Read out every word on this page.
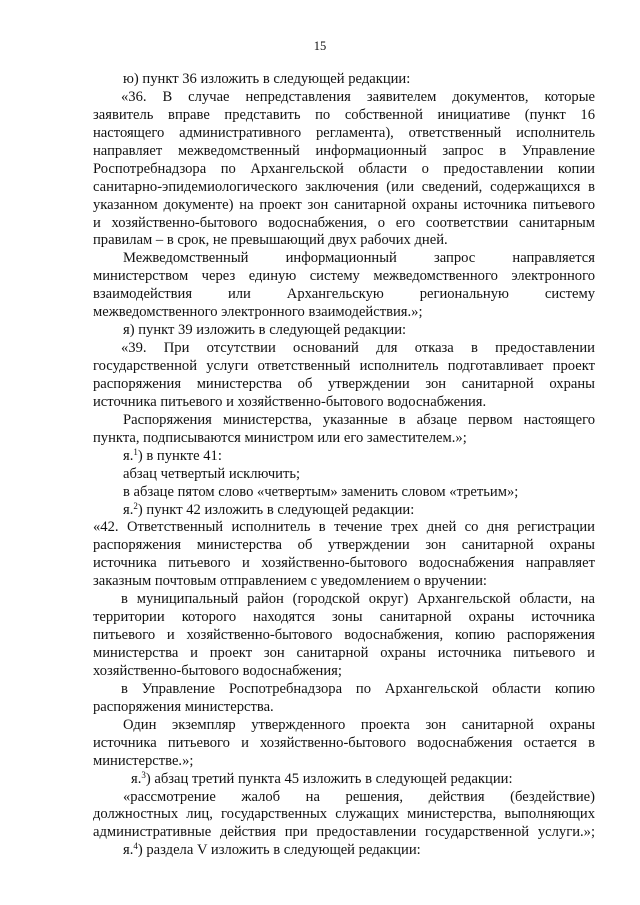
15
ю) пункт 36 изложить в следующей редакции:
«36. В случае непредставления заявителем документов, которые
заявитель вправе представить по собственной инициативе (пункт 16
настоящего административного регламента), ответственный исполнитель
направляет межведомственный информационный запрос в Управление
Роспотребнадзора по Архангельской области о предоставлении копии
санитарно-эпидемиологического заключения (или сведений, содержащихся в
указанном документе) на проект зон санитарной охраны источника питьевого
и хозяйственно-бытового водоснабжения, о его соответствии санитарным
правилам – в срок, не превышающий двух рабочих дней.
Межведомственный информационный запрос направляется
министерством через единую систему межведомственного электронного
взаимодействия или Архангельскую региональную систему
межведомственного электронного взаимодействия.»;
я) пункт 39 изложить в следующей редакции:
«39. При отсутствии оснований для отказа в предоставлении
государственной услуги ответственный исполнитель подготавливает проект
распоряжения министерства об утверждении зон санитарной охраны
источника питьевого и хозяйственно-бытового водоснабжения.
Распоряжения министерства, указанные в абзаце первом настоящего
пункта, подписываются министром или его заместителем.»;
я.$^1$) в пункте 41:
абзац четвертый исключить;
в абзаце пятом слово «четвертым» заменить словом «третьим»;
я.$^2$) пункт 42 изложить в следующей редакции:
«42. Ответственный исполнитель в течение трех дней со дня регистрации
распоряжения министерства об утверждении зон санитарной охраны
источника питьевого и хозяйственно-бытового водоснабжения направляет
заказным почтовым отправлением с уведомлением о вручении:
в муниципальный район (городской округ) Архангельской области, на
территории которого находятся зоны санитарной охраны источника
питьевого и хозяйственно-бытового водоснабжения, копию распоряжения
министерства и проект зон санитарной охраны источника питьевого и
хозяйственно-бытового водоснабжения;
в Управление Роспотребнадзора по Архангельской области копию
распоряжения министерства.
Один экземпляр утвержденного проекта зон санитарной охраны
источника питьевого и хозяйственно-бытового водоснабжения остается в
министерстве.»;
я.$^3$) абзац третий пункта 45 изложить в следующей редакции:
«рассмотрение жалоб на решения, действия (бездействие)
должностных лиц, государственных служащих министерства, выполняющих
административные действия при предоставлении государственной услуги.»;
я.$^4$) раздела V изложить в следующей редакции:
